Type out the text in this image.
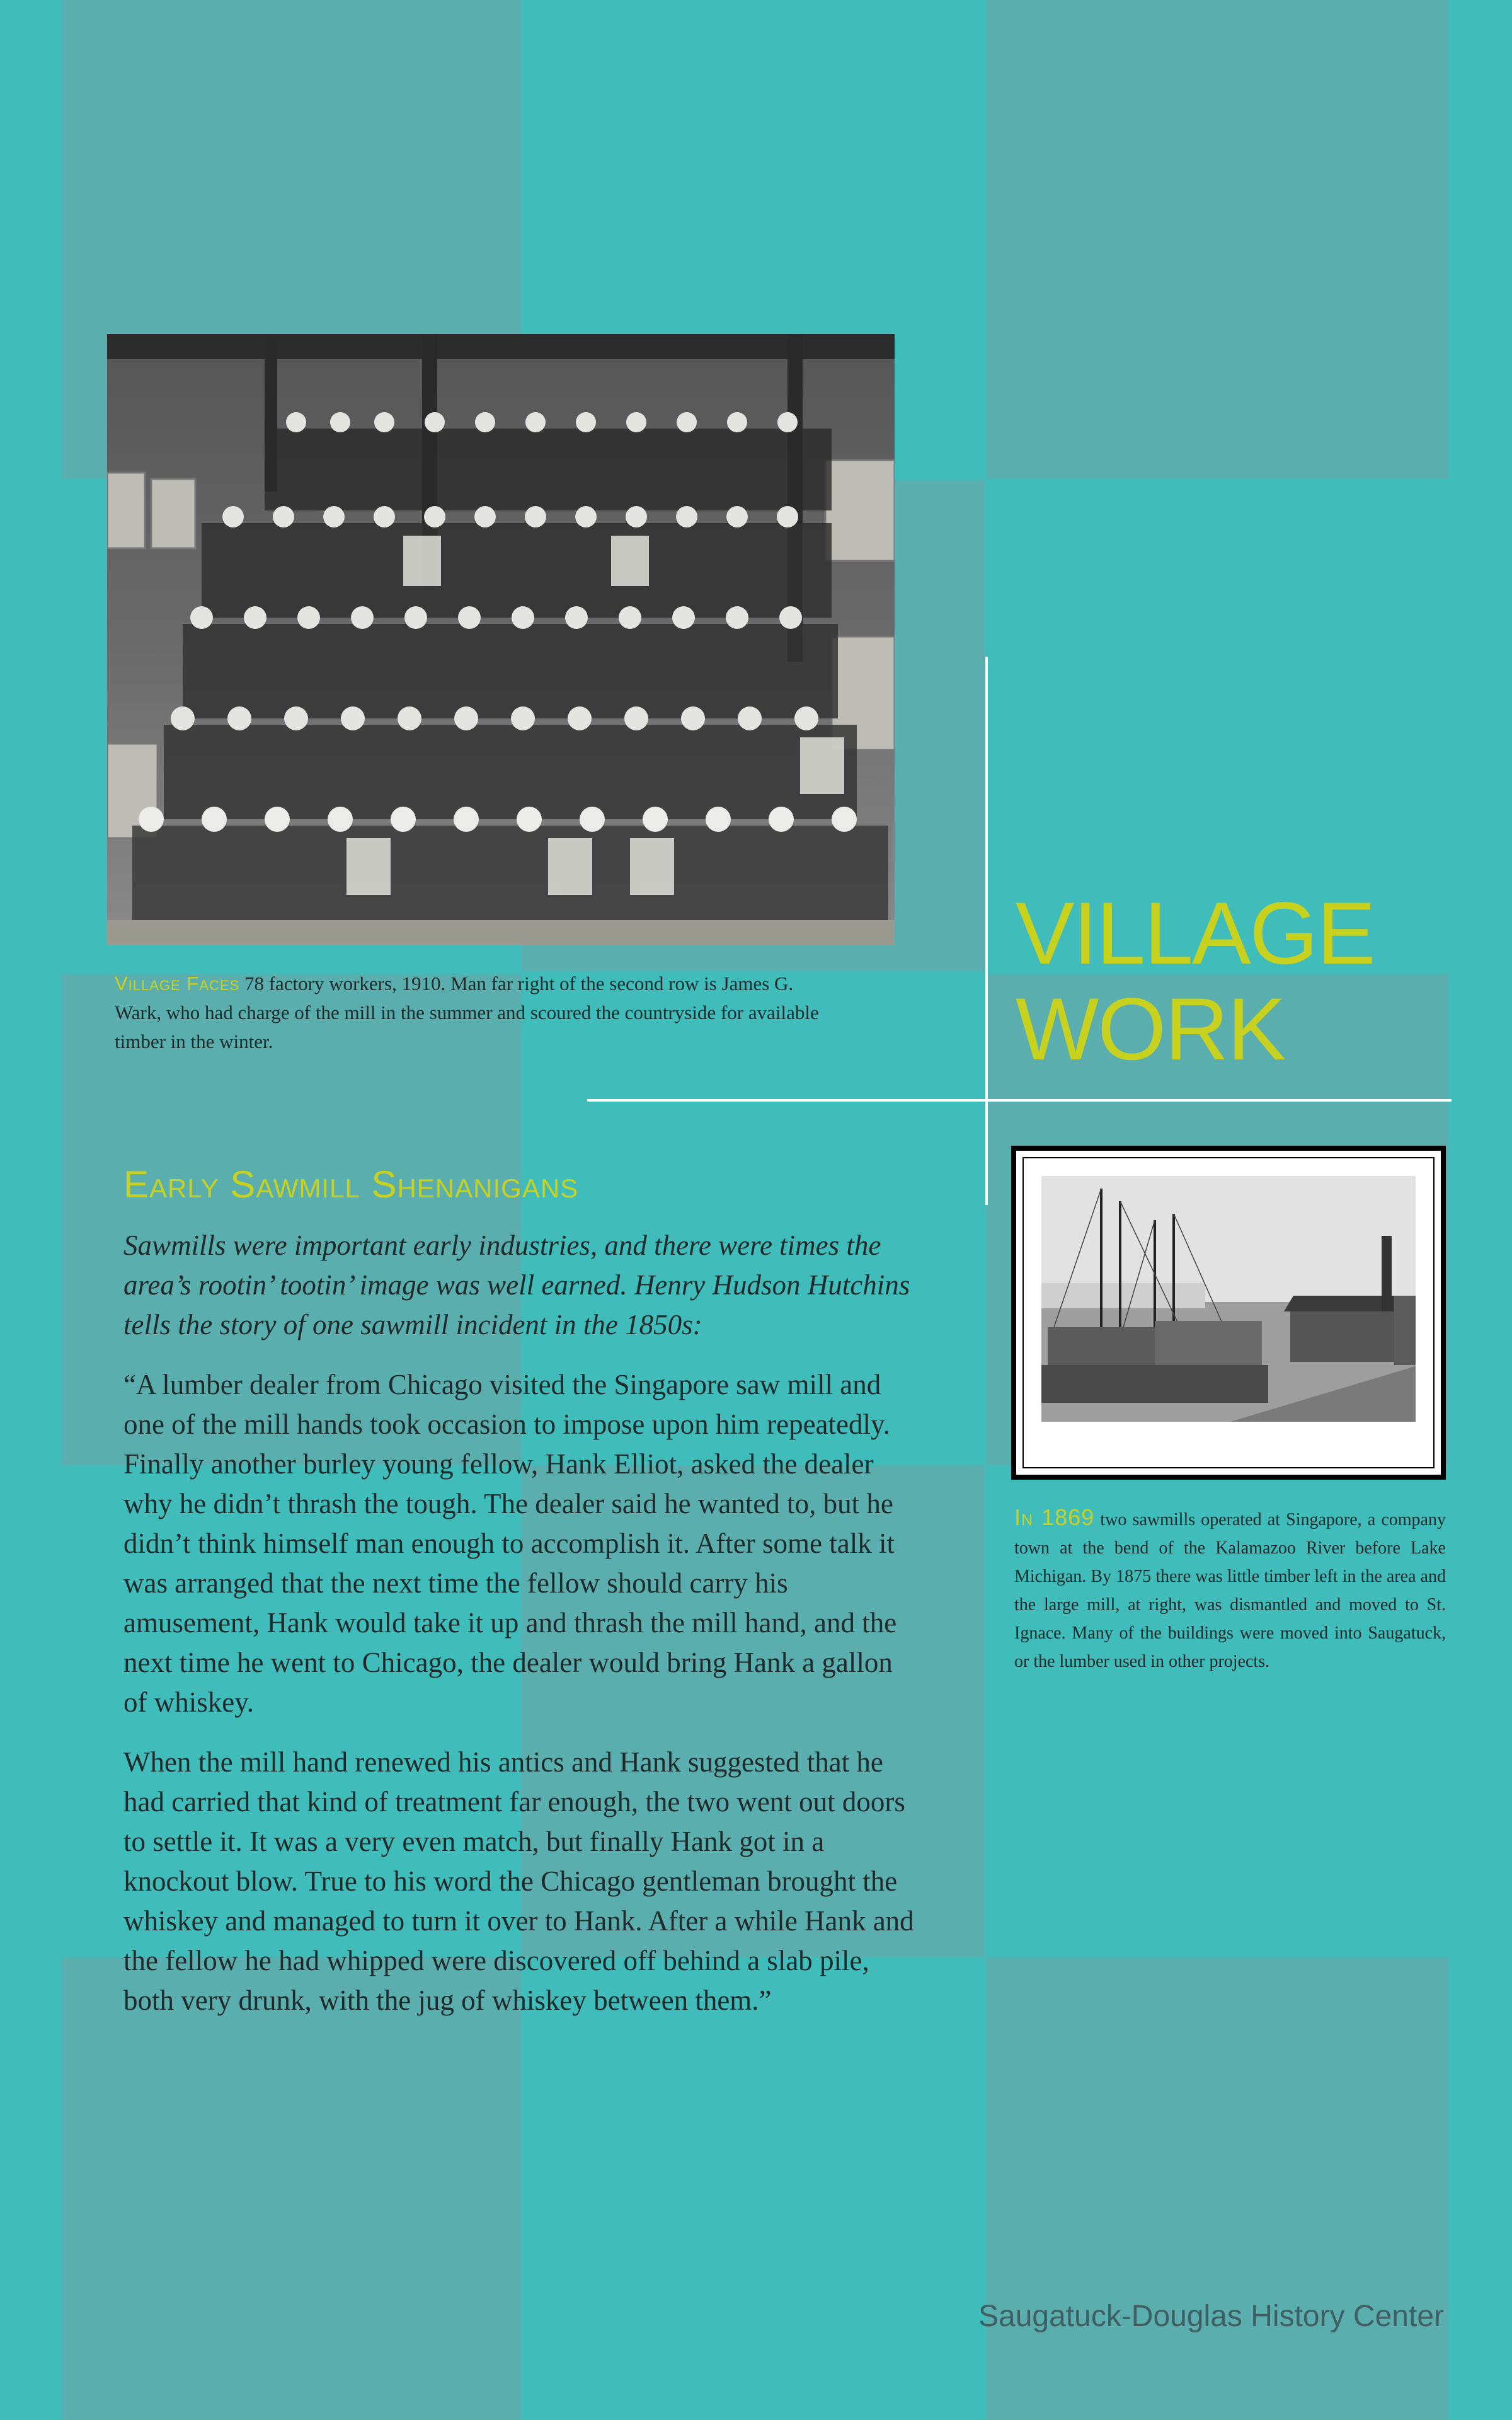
Village Faces 78 factory workers, 1910. Man far right of the second row is James G. Wark, who had charge of the mill in the summer and scoured the countryside for available timber in the winter.
VILLAGE
WORK
In 1869 two sawmills operated at Singapore, a company town at the bend of the Kalamazoo River before Lake Michigan. By 1875 there was little timber left in the area and the large mill, at right, was dismantled and moved to St. Ignace. Many of the buildings were moved into Saugatuck, or the lumber used in other projects.
Early Sawmill Shenanigans
Sawmills were important early industries, and there were times the area’s rootin’ tootin’ image was well earned. Henry Hudson Hutchins tells the story of one sawmill incident in the 1850s:

“A lumber dealer from Chicago visited the Singapore saw mill and one of the mill hands took occasion to impose upon him repeatedly. Finally another burley young fellow, Hank Elliot, asked the dealer why he didn’t thrash the tough. The dealer said he wanted to, but he didn’t think himself man enough to accomplish it. After some talk it was arranged that the next time the fellow should carry his amusement, Hank would take it up and thrash the mill hand, and the next time he went to Chicago, the dealer would bring Hank a gallon of whiskey.

When the mill hand renewed his antics and Hank suggested that he had carried that kind of treatment far enough, the two went out doors to settle it. It was a very even match, but finally Hank got in a knockout blow. True to his word the Chicago gentleman brought the whiskey and managed to turn it over to Hank. After a while Hank and the fellow he had whipped were discovered off behind a slab pile, both very drunk, with the jug of whiskey between them.”

Saugatuck-Douglas History Center
